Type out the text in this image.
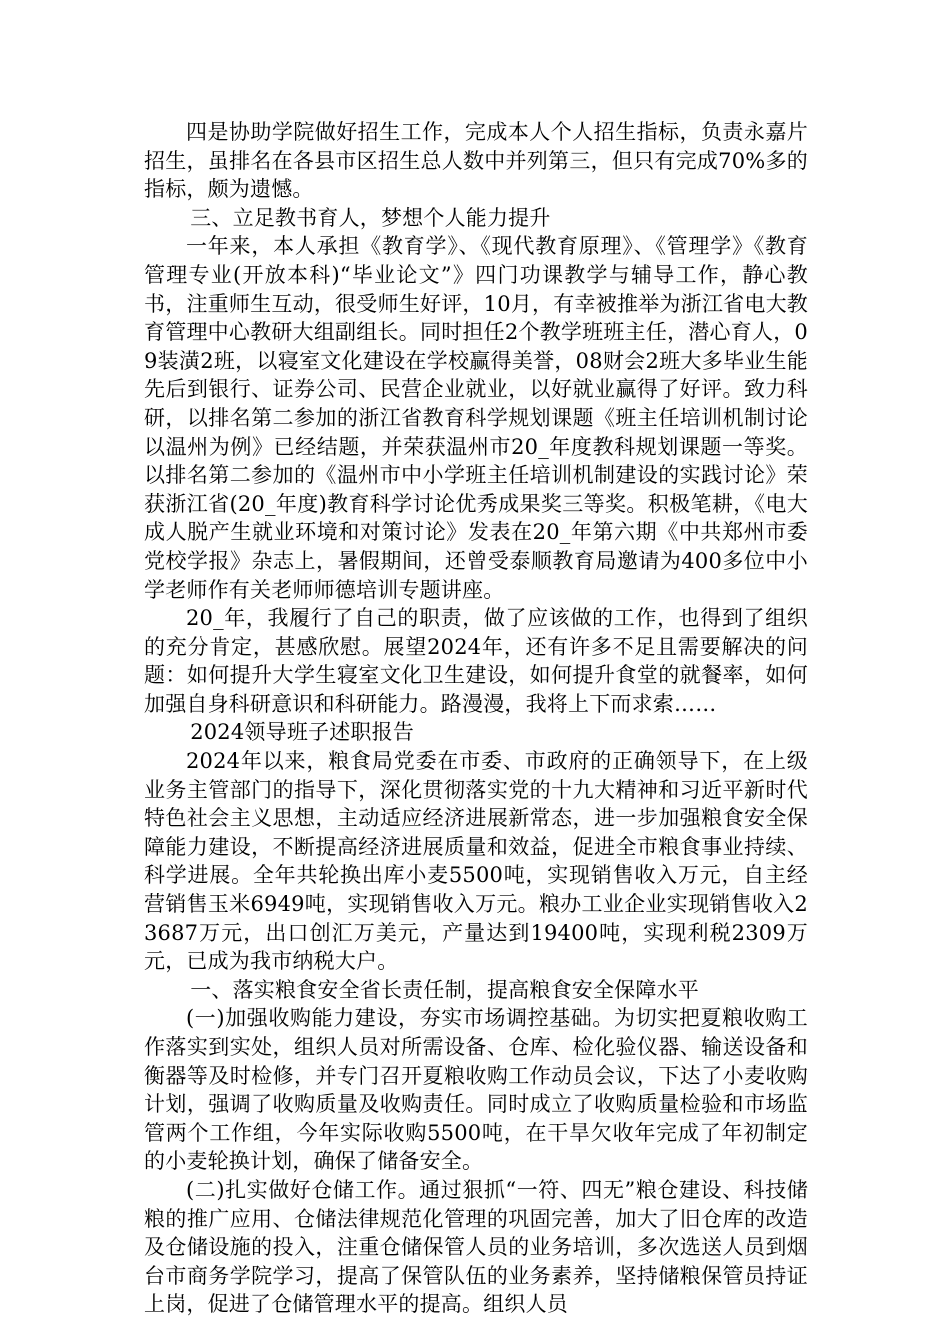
四是协助学院做好招生工作，完成本人个人招生指标，负责永嘉片招生，虽排名在各县市区招生总人数中并列第三，但只有完成70%多的指标，颇为遗憾。

三、立足教书育人，梦想个人能力提升

一年来，本人承担《教育学》、《现代教育原理》、《管理学》《教育管理专业(开放本科)“毕业论文”》四门功课教学与辅导工作，静心教书，注重师生互动，很受师生好评，10月，有幸被推举为浙江省电大教育管理中心教研大组副组长。同时担任2个教学班班主任，潜心育人，09装潢2班，以寝室文化建设在学校赢得美誉，08财会2班大多毕业生能先后到银行、证券公司、民营企业就业，以好就业赢得了好评。致力科研，以排名第二参加的浙江省教育科学规划课题《班主任培训机制讨论以温州为例》已经结题，并荣获温州市20_年度教科规划课题一等奖。以排名第二参加的《温州市中小学班主任培训机制建设的实践讨论》荣获浙江省(20_年度)教育科学讨论优秀成果奖三等奖。积极笔耕，《电大成人脱产生就业环境和对策讨论》发表在20_年第六期《中共郑州市委党校学报》杂志上，暑假期间，还曾受泰顺教育局邀请为400多位中小学老师作有关老师师德培训专题讲座。

20_年，我履行了自己的职责，做了应该做的工作，也得到了组织的充分肯定，甚感欣慰。展望2024年，还有许多不足且需要解决的问题：如何提升大学生寝室文化卫生建设，如何提升食堂的就餐率，如何加强自身科研意识和科研能力。路漫漫，我将上下而求索……

2024领导班子述职报告

2024年以来，粮食局党委在市委、市政府的正确领导下，在上级业务主管部门的指导下，深化贯彻落实党的十九大精神和习近平新时代特色社会主义思想，主动适应经济进展新常态，进一步加强粮食安全保障能力建设，不断提高经济进展质量和效益，促进全市粮食事业持续、科学进展。全年共轮换出库小麦5500吨，实现销售收入万元，自主经营销售玉米6949吨，实现销售收入万元。粮办工业企业实现销售收入23687万元，出口创汇万美元，产量达到19400吨，实现利税2309万元，已成为我市纳税大户。

一、落实粮食安全省长责任制，提高粮食安全保障水平

(一)加强收购能力建设，夯实市场调控基础。为切实把夏粮收购工作落实到实处，组织人员对所需设备、仓库、检化验仪器、输送设备和衡器等及时检修，并专门召开夏粮收购工作动员会议，下达了小麦收购计划，强调了收购质量及收购责任。同时成立了收购质量检验和市场监管两个工作组，今年实际收购5500吨，在干旱欠收年完成了年初制定的小麦轮换计划，确保了储备安全。

(二)扎实做好仓储工作。通过狠抓“一符、四无”粮仓建设、科技储粮的推广应用、仓储法律规范化管理的巩固完善，加大了旧仓库的改造及仓储设施的投入，注重仓储保管人员的业务培训，多次选送人员到烟台市商务学院学习，提高了保管队伍的业务素养，坚持储粮保管员持证上岗，促进了仓储管理水平的提高。组织人员
